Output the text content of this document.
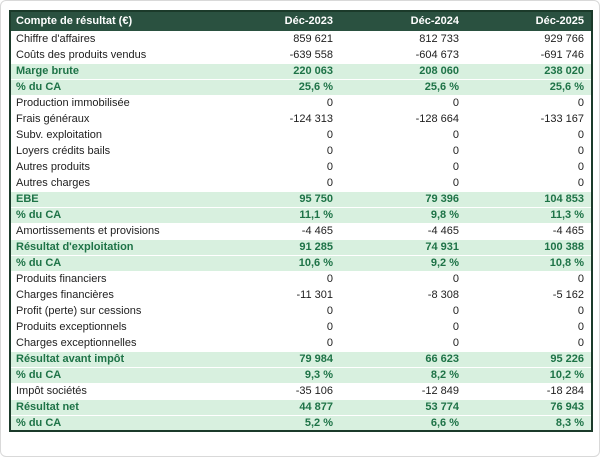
Compte de résultat (€)	Déc-2023	Déc-2024	Déc-2025
Chiffre d'affaires	859 621	812 733	929 766
Coûts des produits vendus	-639 558	-604 673	-691 746
Marge brute	220 063	208 060	238 020
% du CA	25,6 %	25,6 %	25,6 %
Production immobilisée	0	0	0
Frais généraux	-124 313	-128 664	-133 167
Subv. exploitation	0	0	0
Loyers crédits bails	0	0	0
Autres produits	0	0	0
Autres charges	0	0	0
EBE	95 750	79 396	104 853
% du CA	11,1 %	9,8 %	11,3 %
Amortissements et provisions	-4 465	-4 465	-4 465
Résultat d'exploitation	91 285	74 931	100 388
% du CA	10,6 %	9,2 %	10,8 %
Produits financiers	0	0	0
Charges financières	-11 301	-8 308	-5 162
Profit (perte) sur cessions	0	0	0
Produits exceptionnels	0	0	0
Charges exceptionnelles	0	0	0
Résultat avant impôt	79 984	66 623	95 226
% du CA	9,3 %	8,2 %	10,2 %
Impôt sociétés	-35 106	-12 849	-18 284
Résultat net	44 877	53 774	76 943
% du CA	5,2 %	6,6 %	8,3 %
